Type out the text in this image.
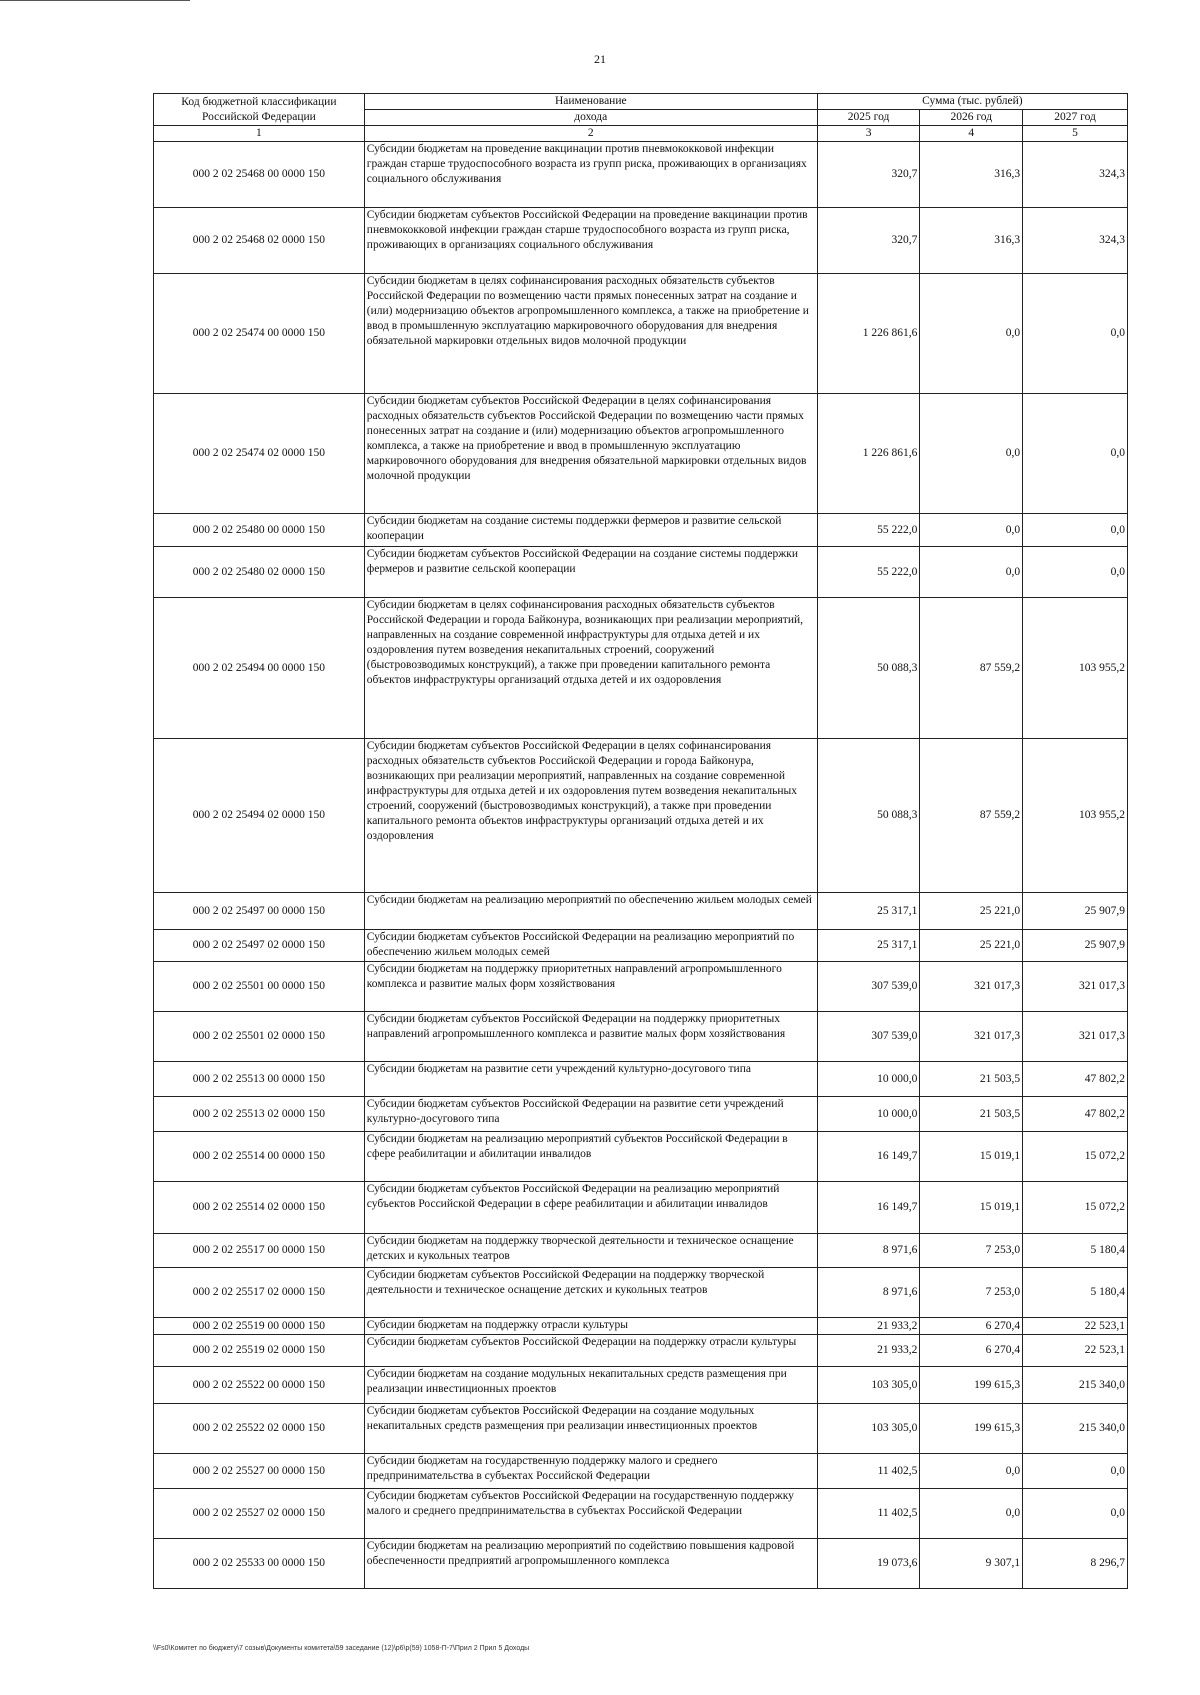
21
Код бюджетной классификации Российской Федерации	Наименование	Сумма (тыс. рублей)		
	дохода	2025 год	2026 год	2027 год
1	2	3	4	5
000 2 02 25468 00 0000 150	Субсидии бюджетам на проведение вакцинации против пневмококковой инфекции граждан старше трудоспособного возраста из групп риска, проживающих в организациях социального обслуживания	320,7	316,3	324,3
000 2 02 25468 02 0000 150	Субсидии бюджетам субъектов Российской Федерации на проведение вакцинации против пневмококковой инфекции граждан старше трудоспособного возраста из групп риска, проживающих в организациях социального обслуживания	320,7	316,3	324,3
000 2 02 25474 00 0000 150	Субсидии бюджетам в целях софинансирования расходных обязательств субъектов Российской Федерации по возмещению части прямых понесенных затрат на создание и (или) модернизацию объектов агропромышленного комплекса, а также на приобретение и ввод в промышленную эксплуатацию маркировочного оборудования для внедрения обязательной маркировки отдельных видов молочной продукции	1 226 861,6	0,0	0,0
000 2 02 25474 02 0000 150	Субсидии бюджетам субъектов Российской Федерации в целях софинансирования расходных обязательств субъектов Российской Федерации по возмещению части прямых понесенных затрат на создание и (или) модернизацию объектов агропромышленного комплекса, а также на приобретение и ввод в промышленную эксплуатацию маркировочного оборудования для внедрения обязательной маркировки отдельных видов молочной продукции	1 226 861,6	0,0	0,0
000 2 02 25480 00 0000 150	Субсидии бюджетам на создание системы поддержки фермеров и развитие сельской кооперации	55 222,0	0,0	0,0
000 2 02 25480 02 0000 150	Субсидии бюджетам субъектов Российской Федерации на создание системы поддержки фермеров и развитие сельской кооперации	55 222,0	0,0	0,0
000 2 02 25494 00 0000 150	Субсидии бюджетам в целях софинансирования расходных обязательств субъектов Российской Федерации и города Байконура, возникающих при реализации мероприятий, направленных на создание современной инфраструктуры для отдыха детей и их оздоровления путем возведения некапитальных строений, сооружений (быстровозводимых конструкций), а также при проведении капитального ремонта объектов инфраструктуры организаций отдыха детей и их оздоровления	50 088,3	87 559,2	103 955,2
000 2 02 25494 02 0000 150	Субсидии бюджетам субъектов Российской Федерации в целях софинансирования расходных обязательств субъектов Российской Федерации и города Байконура, возникающих при реализации мероприятий, направленных на создание современной инфраструктуры для отдыха детей и их оздоровления путем возведения некапитальных строений, сооружений (быстровозводимых конструкций), а также при проведении капитального ремонта объектов инфраструктуры организаций отдыха детей и их оздоровления	50 088,3	87 559,2	103 955,2
000 2 02 25497 00 0000 150	Субсидии бюджетам на реализацию мероприятий по обеспечению жильем молодых семей	25 317,1	25 221,0	25 907,9
000 2 02 25497 02 0000 150	Субсидии бюджетам субъектов Российской Федерации на реализацию мероприятий по обеспечению жильем молодых семей	25 317,1	25 221,0	25 907,9
000 2 02 25501 00 0000 150	Субсидии бюджетам на поддержку приоритетных направлений агропромышленного комплекса и развитие малых форм хозяйствования	307 539,0	321 017,3	321 017,3
000 2 02 25501 02 0000 150	Субсидии бюджетам субъектов Российской Федерации на поддержку приоритетных направлений агропромышленного комплекса и развитие малых форм хозяйствования	307 539,0	321 017,3	321 017,3
000 2 02 25513 00 0000 150	Субсидии бюджетам на развитие сети учреждений культурно-досугового типа	10 000,0	21 503,5	47 802,2
000 2 02 25513 02 0000 150	Субсидии бюджетам субъектов Российской Федерации на развитие сети учреждений культурно-досугового типа	10 000,0	21 503,5	47 802,2
000 2 02 25514 00 0000 150	Субсидии бюджетам на реализацию мероприятий субъектов Российской Федерации в сфере реабилитации и абилитации инвалидов	16 149,7	15 019,1	15 072,2
000 2 02 25514 02 0000 150	Субсидии бюджетам субъектов Российской Федерации на реализацию мероприятий субъектов Российской Федерации в сфере реабилитации и абилитации инвалидов	16 149,7	15 019,1	15 072,2
000 2 02 25517 00 0000 150	Субсидии бюджетам на поддержку творческой деятельности и техническое оснащение детских и кукольных театров	8 971,6	7 253,0	5 180,4
000 2 02 25517 02 0000 150	Субсидии бюджетам субъектов Российской Федерации на поддержку творческой деятельности и техническое оснащение детских и кукольных театров	8 971,6	7 253,0	5 180,4
000 2 02 25519 00 0000 150	Субсидии бюджетам на поддержку отрасли культуры	21 933,2	6 270,4	22 523,1
000 2 02 25519 02 0000 150	Субсидии бюджетам субъектов Российской Федерации на поддержку отрасли культуры	21 933,2	6 270,4	22 523,1
000 2 02 25522 00 0000 150	Субсидии бюджетам на создание модульных некапитальных средств размещения при реализации инвестиционных проектов	103 305,0	199 615,3	215 340,0
000 2 02 25522 02 0000 150	Субсидии бюджетам субъектов Российской Федерации на создание модульных некапитальных средств размещения при реализации инвестиционных проектов	103 305,0	199 615,3	215 340,0
000 2 02 25527 00 0000 150	Субсидии бюджетам на государственную поддержку малого и среднего предпринимательства в субъектах Российской Федерации	11 402,5	0,0	0,0
000 2 02 25527 02 0000 150	Субсидии бюджетам субъектов Российской Федерации на государственную поддержку малого и среднего предпринимательства в субъектах Российской Федерации	11 402,5	0,0	0,0
000 2 02 25533 00 0000 150	Субсидии бюджетам на реализацию мероприятий по содействию повышения кадровой обеспеченности предприятий агропромышленного комплекса	19 073,6	9 307,1	8 296,7
\\Fs0\Комитет по бюджету\7 созыв\Документы комитета\59 заседание (12)\р6\р(59) 1058-П-7\Прил 2 Прил 5 Доходы
